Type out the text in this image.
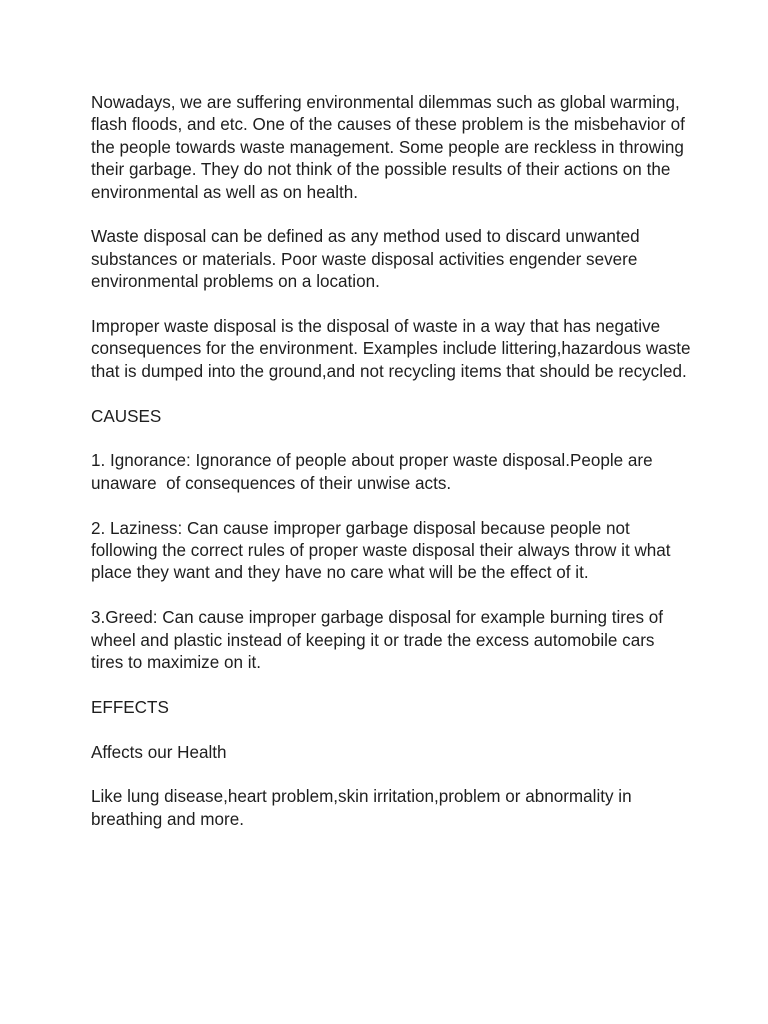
Nowadays, we are suffering environmental dilemmas such as global warming, flash floods, and etc. One of the causes of these problem is the misbehavior of the people towards waste management. Some people are reckless in throwing their garbage. They do not think of the possible results of their actions on the environmental as well as on health.

Waste disposal can be defined as any method used to discard unwanted substances or materials. Poor waste disposal activities engender severe environmental problems on a location.

Improper waste disposal is the disposal of waste in a way that has negative consequences for the environment. Examples include littering,hazardous waste that is dumped into the ground,and not recycling items that should be recycled.

CAUSES

1. Ignorance: Ignorance of people about proper waste disposal.People are unaware  of consequences of their unwise acts.

2. Laziness: Can cause improper garbage disposal because people not following the correct rules of proper waste disposal their always throw it what place they want and they have no care what will be the effect of it.

3.Greed: Can cause improper garbage disposal for example burning tires of wheel and plastic instead of keeping it or trade the excess automobile cars tires to maximize on it.

EFFECTS

Affects our Health

Like lung disease,heart problem,skin irritation,problem or abnormality in breathing and more.
